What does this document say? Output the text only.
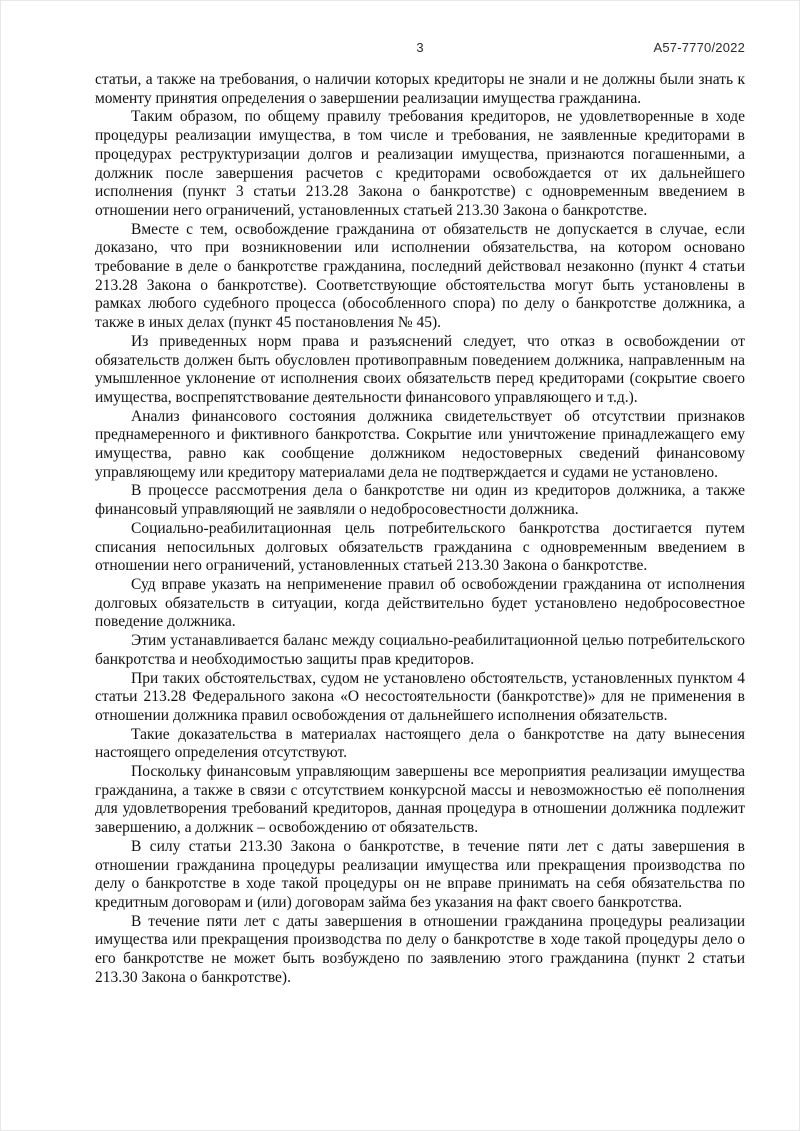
3	А57-7770/2022

статьи, а также на требования, о наличии которых кредиторы не знали и не должны были знать к моменту принятия определения о завершении реализации имущества гражданина.

Таким образом, по общему правилу требования кредиторов, не удовлетворенные в ходе процедуры реализации имущества, в том числе и требования, не заявленные кредиторами в процедурах реструктуризации долгов и реализации имущества, признаются погашенными, а должник после завершения расчетов с кредиторами освобождается от их дальнейшего исполнения (пункт 3 статьи 213.28 Закона о банкротстве) с одновременным введением в отношении него ограничений, установленных статьей 213.30 Закона о банкротстве.

Вместе с тем, освобождение гражданина от обязательств не допускается в случае, если доказано, что при возникновении или исполнении обязательства, на котором основано требование в деле о банкротстве гражданина, последний действовал незаконно (пункт 4 статьи 213.28 Закона о банкротстве). Соответствующие обстоятельства могут быть установлены в рамках любого судебного процесса (обособленного спора) по делу о банкротстве должника, а также в иных делах (пункт 45 постановления № 45).

Из приведенных норм права и разъяснений следует, что отказ в освобождении от обязательств должен быть обусловлен противоправным поведением должника, направленным на умышленное уклонение от исполнения своих обязательств перед кредиторами (сокрытие своего имущества, воспрепятствование деятельности финансового управляющего и т.д.).

Анализ финансового состояния должника свидетельствует об отсутствии признаков преднамеренного и фиктивного банкротства. Сокрытие или уничтожение принадлежащего ему имущества, равно как сообщение должником недостоверных сведений финансовому управляющему или кредитору материалами дела не подтверждается и судами не установлено.

В процессе рассмотрения дела о банкротстве ни один из кредиторов должника, а также финансовый управляющий не заявляли о недобросовестности должника.

Социально-реабилитационная цель потребительского банкротства достигается путем списания непосильных долговых обязательств гражданина с одновременным введением в отношении него ограничений, установленных статьей 213.30 Закона о банкротстве.

Суд вправе указать на неприменение правил об освобождении гражданина от исполнения долговых обязательств в ситуации, когда действительно будет установлено недобросовестное поведение должника.

Этим устанавливается баланс между социально-реабилитационной целью потребительского банкротства и необходимостью защиты прав кредиторов.

При таких обстоятельствах, судом не установлено обстоятельств, установленных пунктом 4 статьи 213.28 Федерального закона «О несостоятельности (банкротстве)» для не применения в отношении должника правил освобождения от дальнейшего исполнения обязательств.

Такие доказательства в материалах настоящего дела о банкротстве на дату вынесения настоящего определения отсутствуют.

Поскольку финансовым управляющим завершены все мероприятия реализации имущества гражданина, а также в связи с отсутствием конкурсной массы и невозможностью её пополнения для удовлетворения требований кредиторов, данная процедура в отношении должника подлежит завершению, а должник – освобождению от обязательств.

В силу статьи 213.30 Закона о банкротстве, в течение пяти лет с даты завершения в отношении гражданина процедуры реализации имущества или прекращения производства по делу о банкротстве в ходе такой процедуры он не вправе принимать на себя обязательства по кредитным договорам и (или) договорам займа без указания на факт своего банкротства.

В течение пяти лет с даты завершения в отношении гражданина процедуры реализации имущества или прекращения производства по делу о банкротстве в ходе такой процедуры дело о его банкротстве не может быть возбуждено по заявлению этого гражданина (пункт 2 статьи 213.30 Закона о банкротстве).
